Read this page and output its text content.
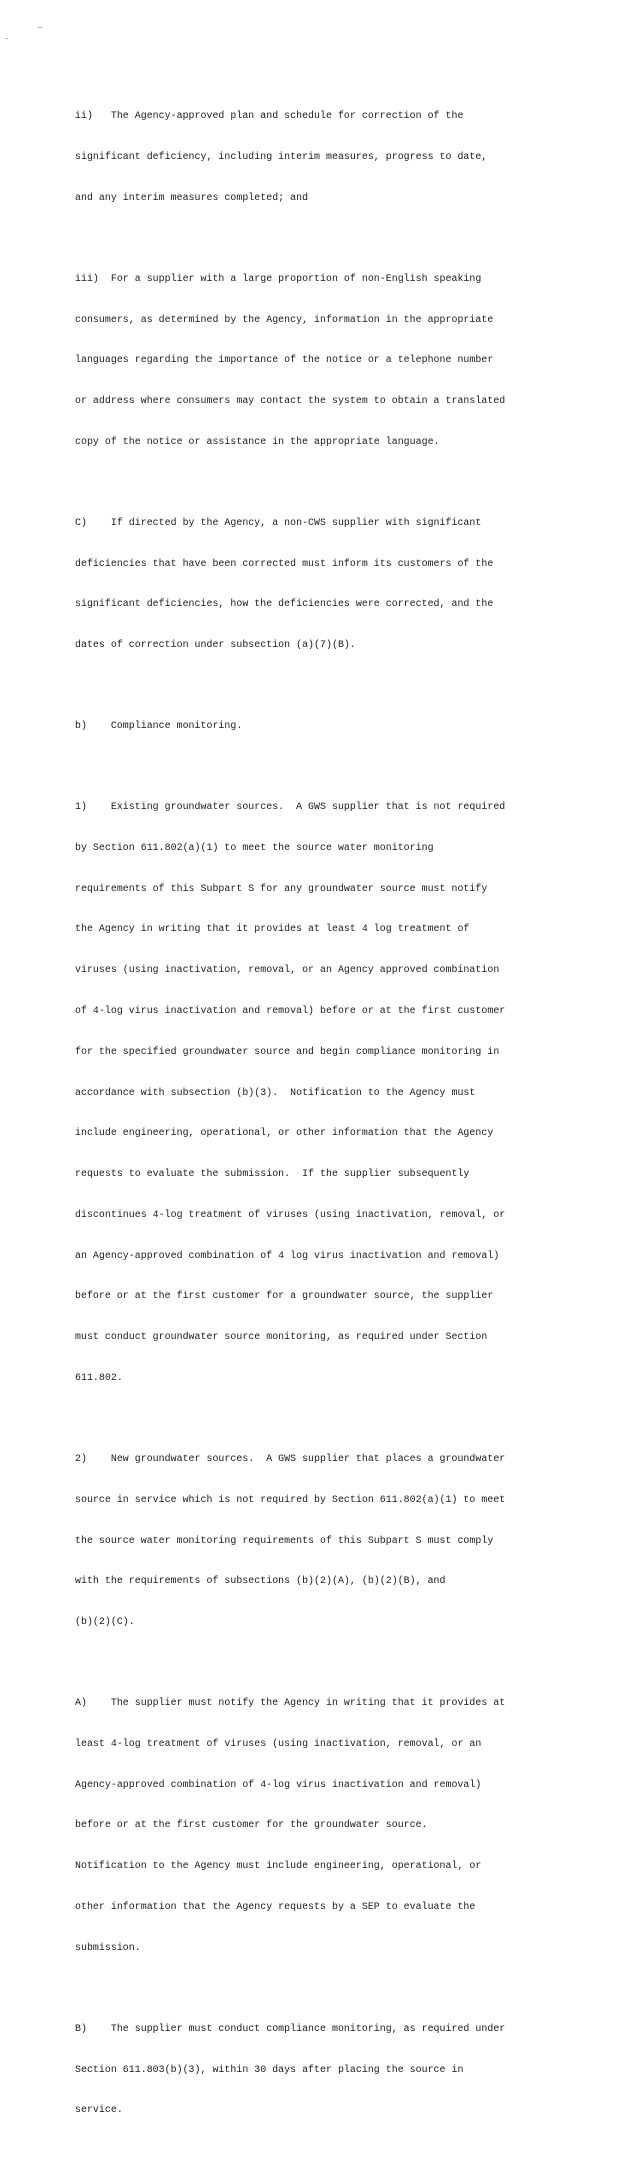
ii)   The Agency-approved plan and schedule for correction of the

significant deficiency, including interim measures, progress to date,

and any interim measures completed; and

iii)  For a supplier with a large proportion of non-English speaking

consumers, as determined by the Agency, information in the appropriate

languages regarding the importance of the notice or a telephone number

or address where consumers may contact the system to obtain a translated

copy of the notice or assistance in the appropriate language.

C)    If directed by the Agency, a non-CWS supplier with significant

deficiencies that have been corrected must inform its customers of the

significant deficiencies, how the deficiencies were corrected, and the

dates of correction under subsection (a)(7)(B).

b)    Compliance monitoring.

1)    Existing groundwater sources.  A GWS supplier that is not required

by Section 611.802(a)(1) to meet the source water monitoring

requirements of this Subpart S for any groundwater source must notify

the Agency in writing that it provides at least 4 log treatment of

viruses (using inactivation, removal, or an Agency approved combination

of 4-log virus inactivation and removal) before or at the first customer

for the specified groundwater source and begin compliance monitoring in

accordance with subsection (b)(3).  Notification to the Agency must

include engineering, operational, or other information that the Agency

requests to evaluate the submission.  If the supplier subsequently

discontinues 4-log treatment of viruses (using inactivation, removal, or

an Agency-approved combination of 4 log virus inactivation and removal)

before or at the first customer for a groundwater source, the supplier

must conduct groundwater source monitoring, as required under Section

611.802.

2)    New groundwater sources.  A GWS supplier that places a groundwater

source in service which is not required by Section 611.802(a)(1) to meet

the source water monitoring requirements of this Subpart S must comply

with the requirements of subsections (b)(2)(A), (b)(2)(B), and

(b)(2)(C).

A)    The supplier must notify the Agency in writing that it provides at

least 4-log treatment of viruses (using inactivation, removal, or an

Agency-approved combination of 4-log virus inactivation and removal)

before or at the first customer for the groundwater source.

Notification to the Agency must include engineering, operational, or

other information that the Agency requests by a SEP to evaluate the

submission.

B)    The supplier must conduct compliance monitoring, as required under

Section 611.803(b)(3), within 30 days after placing the source in

service.
